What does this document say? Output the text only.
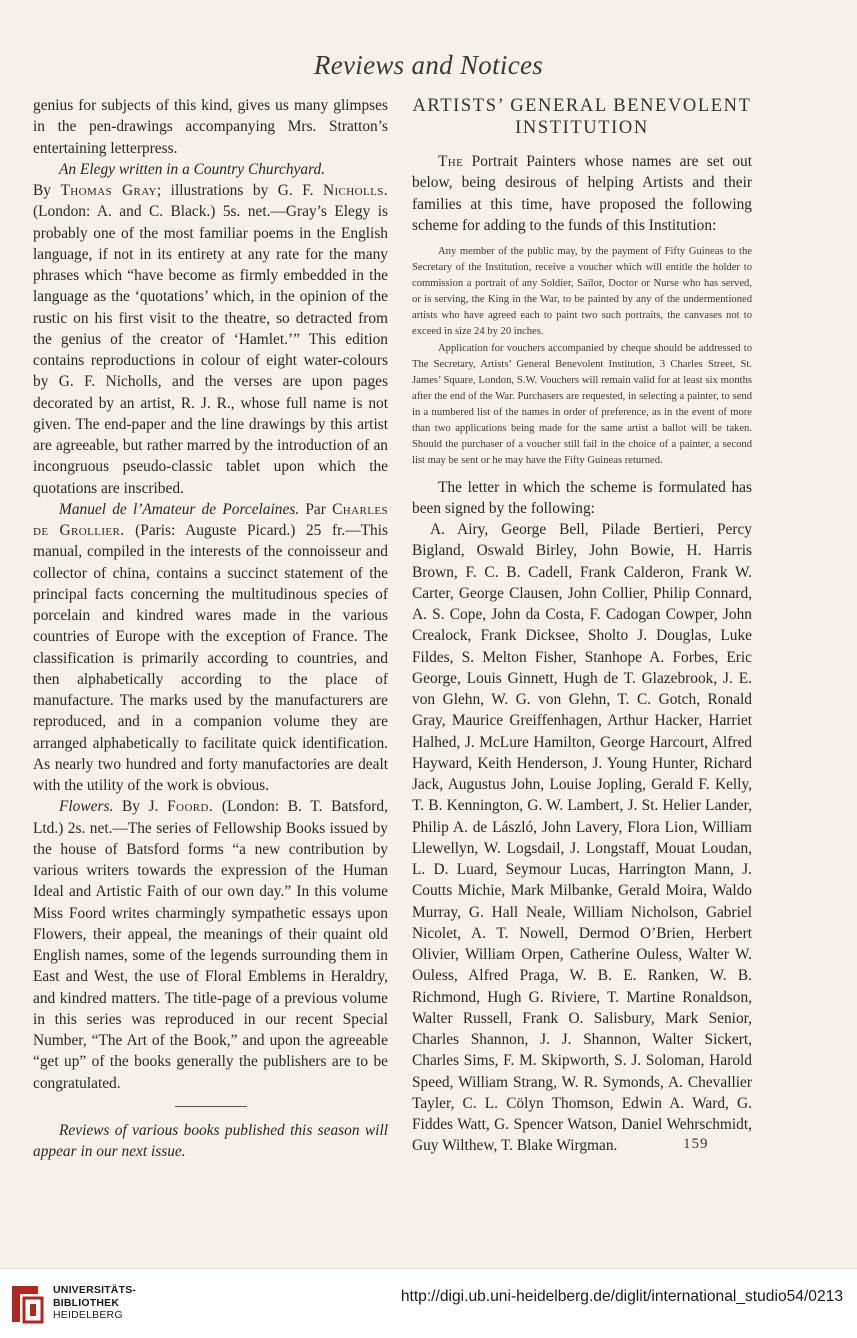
Reviews and Notices

genius for subjects of this kind, gives us many glimpses in the pen-drawings accompanying Mrs. Stratton’s entertaining letterpress.

An Elegy written in a Country Churchyard.

By Thomas Gray; illustrations by G. F. Nicholls. (London: A. and C. Black.) 5s. net.—Gray’s Elegy is probably one of the most familiar poems in the English language, if not in its entirety at any rate for the many phrases which “have become as firmly embedded in the language as the ‘quotations’ which, in the opinion of the rustic on his first visit to the theatre, so detracted from the genius of the creator of ‘Hamlet.’” This edition contains reproductions in colour of eight water-colours by G. F. Nicholls, and the verses are upon pages decorated by an artist, R. J. R., whose full name is not given. The end-paper and the line drawings by this artist are agreeable, but rather marred by the introduction of an incongruous pseudo-classic tablet upon which the quotations are inscribed.

Manuel de l’Amateur de Porcelaines. Par Charles de Grollier. (Paris: Auguste Picard.) 25 fr.—This manual, compiled in the interests of the connoisseur and collector of china, contains a succinct statement of the principal facts concerning the multitudinous species of porcelain and kindred wares made in the various countries of Europe with the exception of France. The classification is primarily according to countries, and then alphabetically according to the place of manufacture. The marks used by the manufacturers are reproduced, and in a companion volume they are arranged alphabetically to facilitate quick identification. As nearly two hundred and forty manufactories are dealt with the utility of the work is obvious.

Flowers. By J. Foord. (London: B. T. Batsford, Ltd.) 2s. net.—The series of Fellowship Books issued by the house of Batsford forms “a new contribution by various writers towards the expression of the Human Ideal and Artistic Faith of our own day.” In this volume Miss Foord writes charmingly sympathetic essays upon Flowers, their appeal, the meanings of their quaint old English names, some of the legends surrounding them in East and West, the use of Floral Emblems in Heraldry, and kindred matters. The title-page of a previous volume in this series was reproduced in our recent Special Number, “The Art of the Book,” and upon the agreeable “get up” of the books generally the publishers are to be congratulated.

Reviews of various books published this season will appear in our next issue.

ARTISTS’ GENERAL BENEVOLENT INSTITUTION

The Portrait Painters whose names are set out below, being desirous of helping Artists and their families at this time, have proposed the following scheme for adding to the funds of this Institution:

Any member of the public may, by the payment of Fifty Guineas to the Secretary of the Institution, receive a voucher which will entitle the holder to commission a portrait of any Soldier, Sailor, Doctor or Nurse who has served, or is serving, the King in the War, to be painted by any of the undermentioned artists who have agreed each to paint two such portraits, the canvases not to exceed in size 24 by 20 inches.

Application for vouchers accompanied by cheque should be addressed to The Secretary, Artists’ General Benevolent Institution, 3 Charles Street, St. James’ Square, London, S.W. Vouchers will remain valid for at least six months after the end of the War. Purchasers are requested, in selecting a painter, to send in a numbered list of the names in order of preference, as in the event of more than two applications being made for the same artist a ballot will be taken. Should the purchaser of a voucher still fail in the choice of a painter, a second list may be sent or he may have the Fifty Guineas returned.

The letter in which the scheme is formulated has been signed by the following:

A. Airy, George Bell, Pilade Bertieri, Percy Bigland, Oswald Birley, John Bowie, H. Harris Brown, F. C. B. Cadell, Frank Calderon, Frank W. Carter, George Clausen, John Collier, Philip Connard, A. S. Cope, John da Costa, F. Cadogan Cowper, John Crealock, Frank Dicksee, Sholto J. Douglas, Luke Fildes, S. Melton Fisher, Stanhope A. Forbes, Eric George, Louis Ginnett, Hugh de T. Glazebrook, J. E. von Glehn, W. G. von Glehn, T. C. Gotch, Ronald Gray, Maurice Greiffenhagen, Arthur Hacker, Harriet Halhed, J. McLure Hamilton, George Harcourt, Alfred Hayward, Keith Henderson, J. Young Hunter, Richard Jack, Augustus John, Louise Jopling, Gerald F. Kelly, T. B. Kennington, G. W. Lambert, J. St. Helier Lander, Philip A. de László, John Lavery, Flora Lion, William Llewellyn, W. Logsdail, J. Longstaff, Mouat Loudan, L. D. Luard, Seymour Lucas, Harrington Mann, J. Coutts Michie, Mark Milbanke, Gerald Moira, Waldo Murray, G. Hall Neale, William Nicholson, Gabriel Nicolet, A. T. Nowell, Dermod O’Brien, Herbert Olivier, William Orpen, Catherine Ouless, Walter W. Ouless, Alfred Praga, W. B. E. Ranken, W. B. Richmond, Hugh G. Riviere, T. Martine Ronaldson, Walter Russell, Frank O. Salisbury, Mark Senior, Charles Shannon, J. J. Shannon, Walter Sickert, Charles Sims, F. M. Skipworth, S. J. Soloman, Harold Speed, William Strang, W. R. Symonds, A. Chevallier Tayler, C. L. Cölyn Thomson, Edwin A. Ward, G. Fiddes Watt, G. Spencer Watson, Daniel Wehrschmidt, Guy Wilthew, T. Blake Wirgman.	159
UNIVERSITÄTS-
BIBLIOTHEK
HEIDELBERG
http://digi.ub.uni-heidelberg.de/diglit/international_studio54/0213
